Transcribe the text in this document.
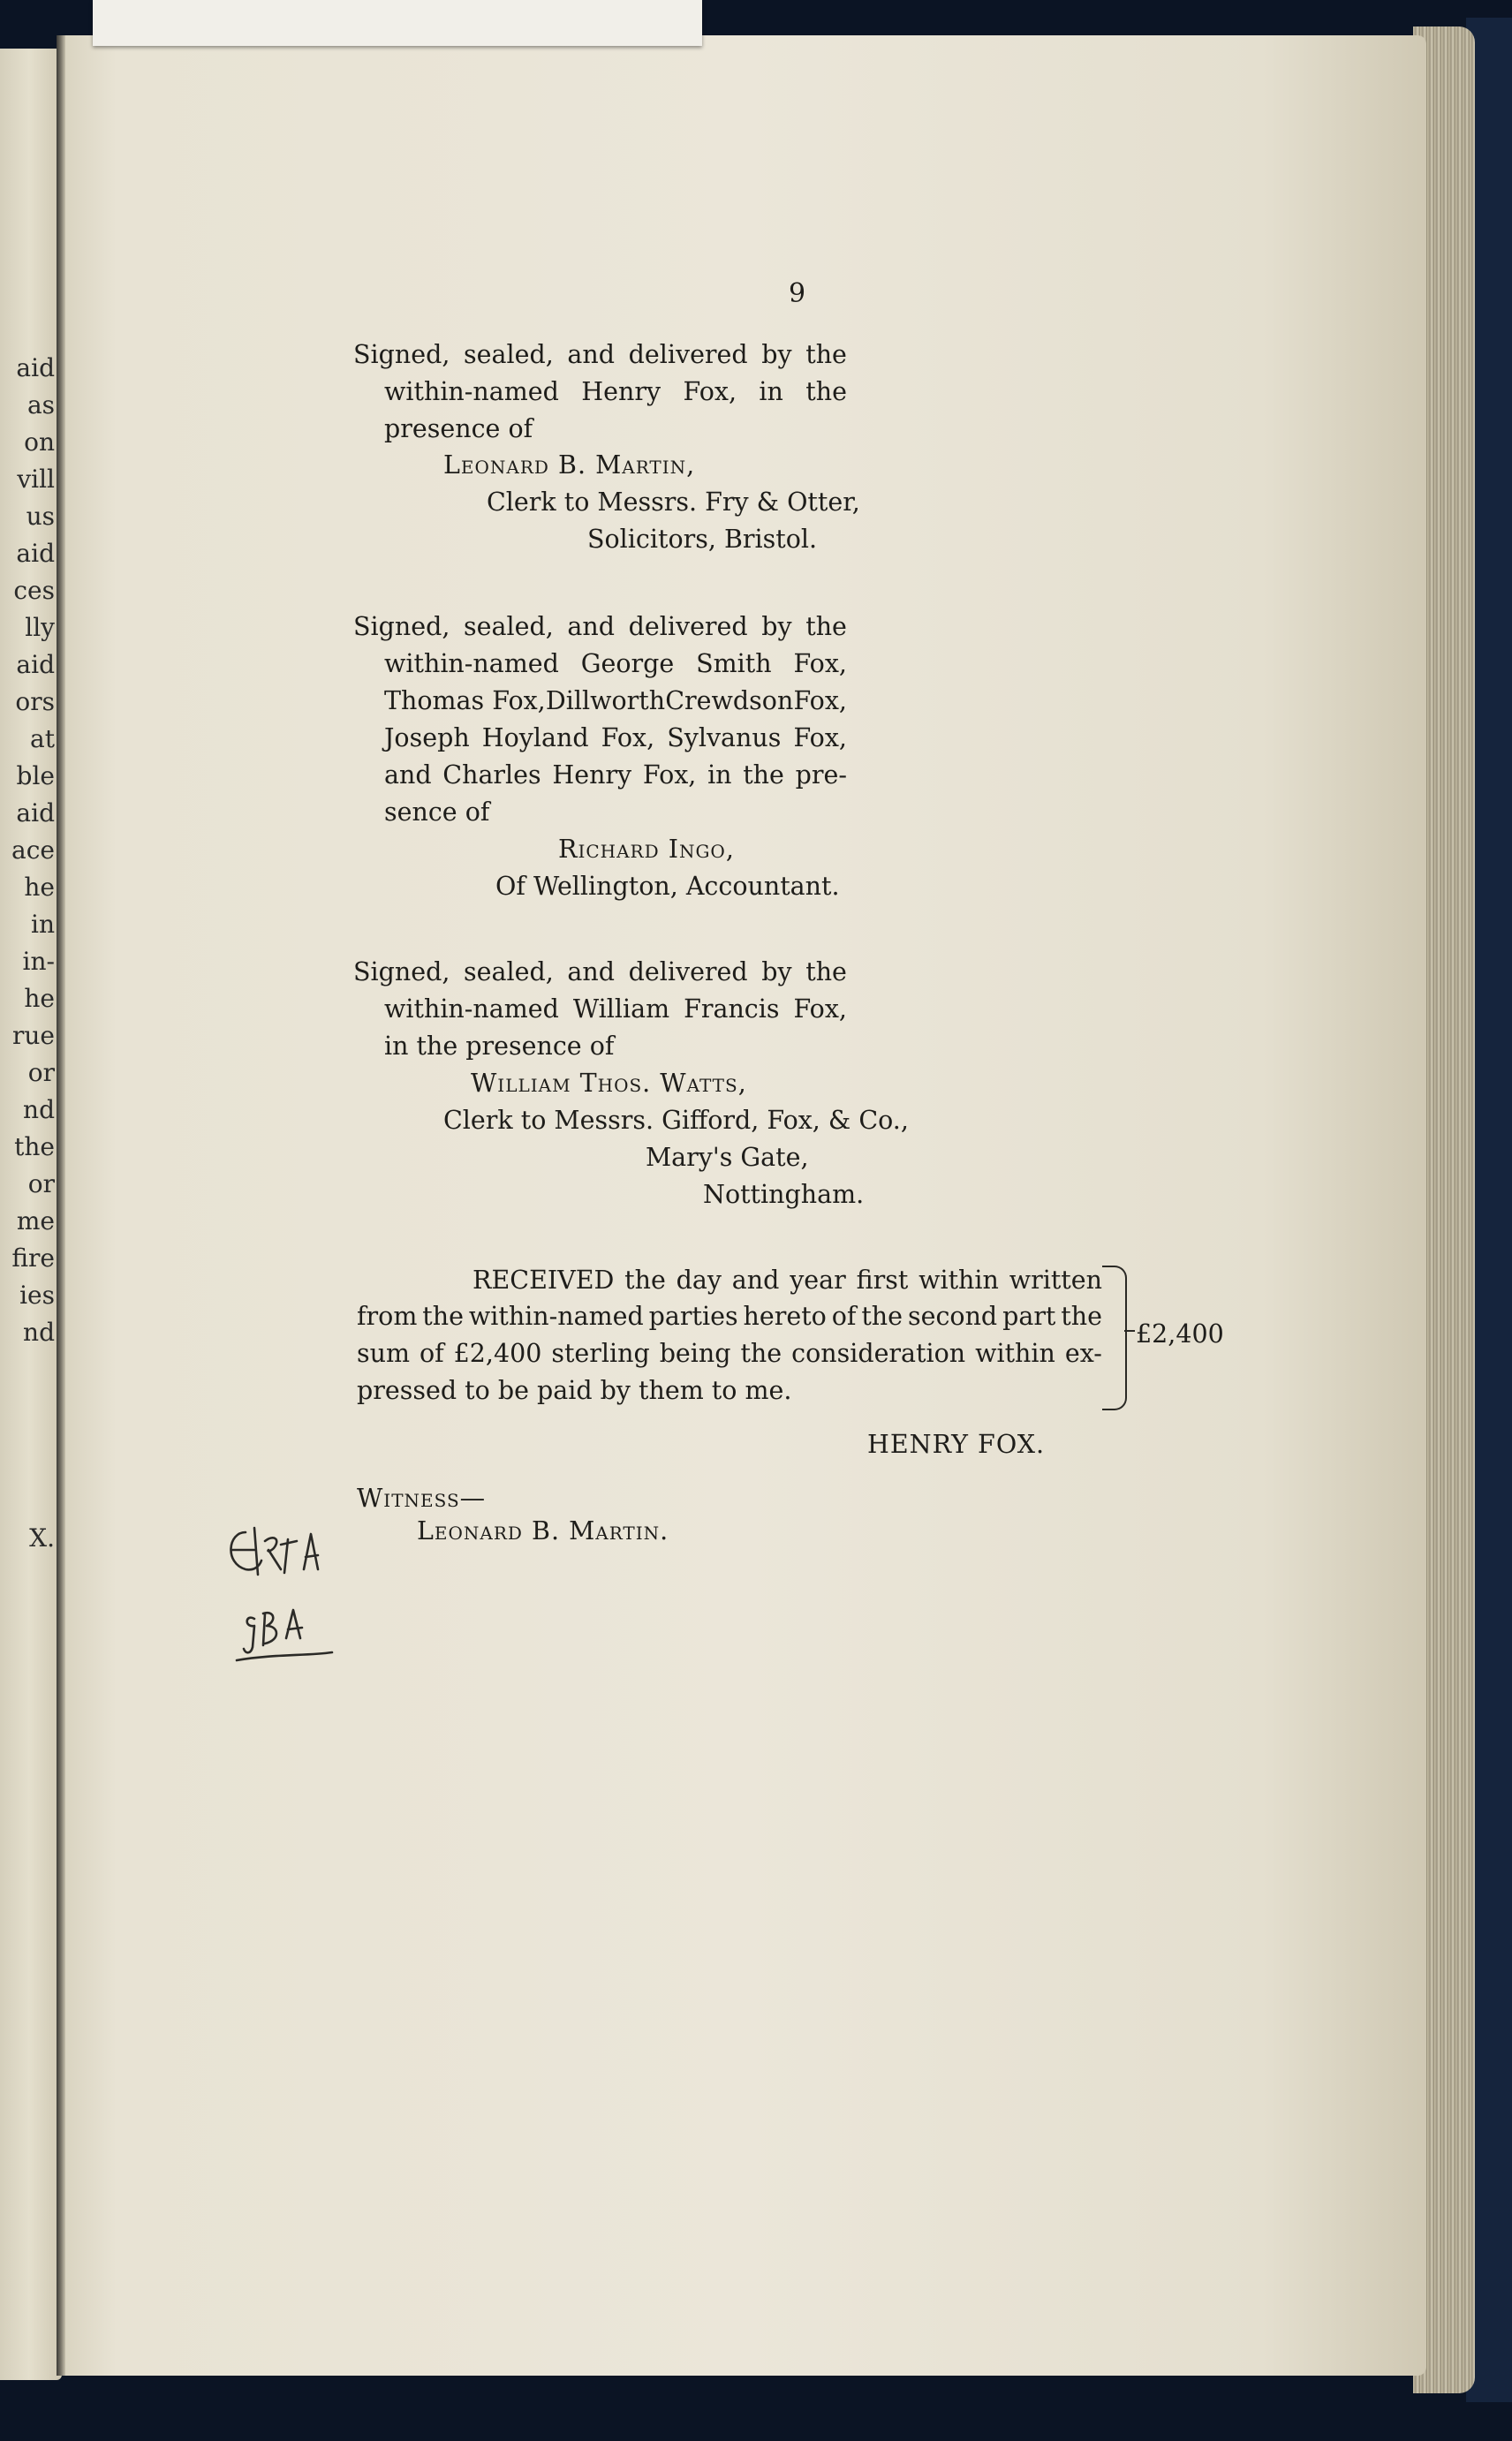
aid
as
on
vill
us
aid
ces
lly
aid
ors
at
ble
aid
ace
he
in
in-
he
rue
or
nd
the
or
me
fire
ies
nd
X.
9
Signed, sealed, and delivered by the
within-named Henry Fox, in the
presence of
Leonard B. Martin,
Clerk to Messrs. Fry & Otter,
Solicitors, Bristol.
Signed, sealed, and delivered by the
within-named George Smith Fox,
Thomas Fox, Dillworth Crewdson Fox,
Joseph Hoyland Fox, Sylvanus Fox,
and Charles Henry Fox, in the pre-
sence of
Richard Ingo,
Of Wellington, Accountant.
Signed, sealed, and delivered by the
within-named William Francis Fox,
in the presence of
William Thos. Watts,
Clerk to Messrs. Gifford, Fox, & Co.,
Mary's Gate,
Nottingham.
RECEIVED the day and year first within written
from the within-named parties hereto of the second part the
sum of £2,400 sterling being the consideration within ex-
pressed to be paid by them to me.
£2,400
HENRY FOX.
Witness—
Leonard B. Martin.
